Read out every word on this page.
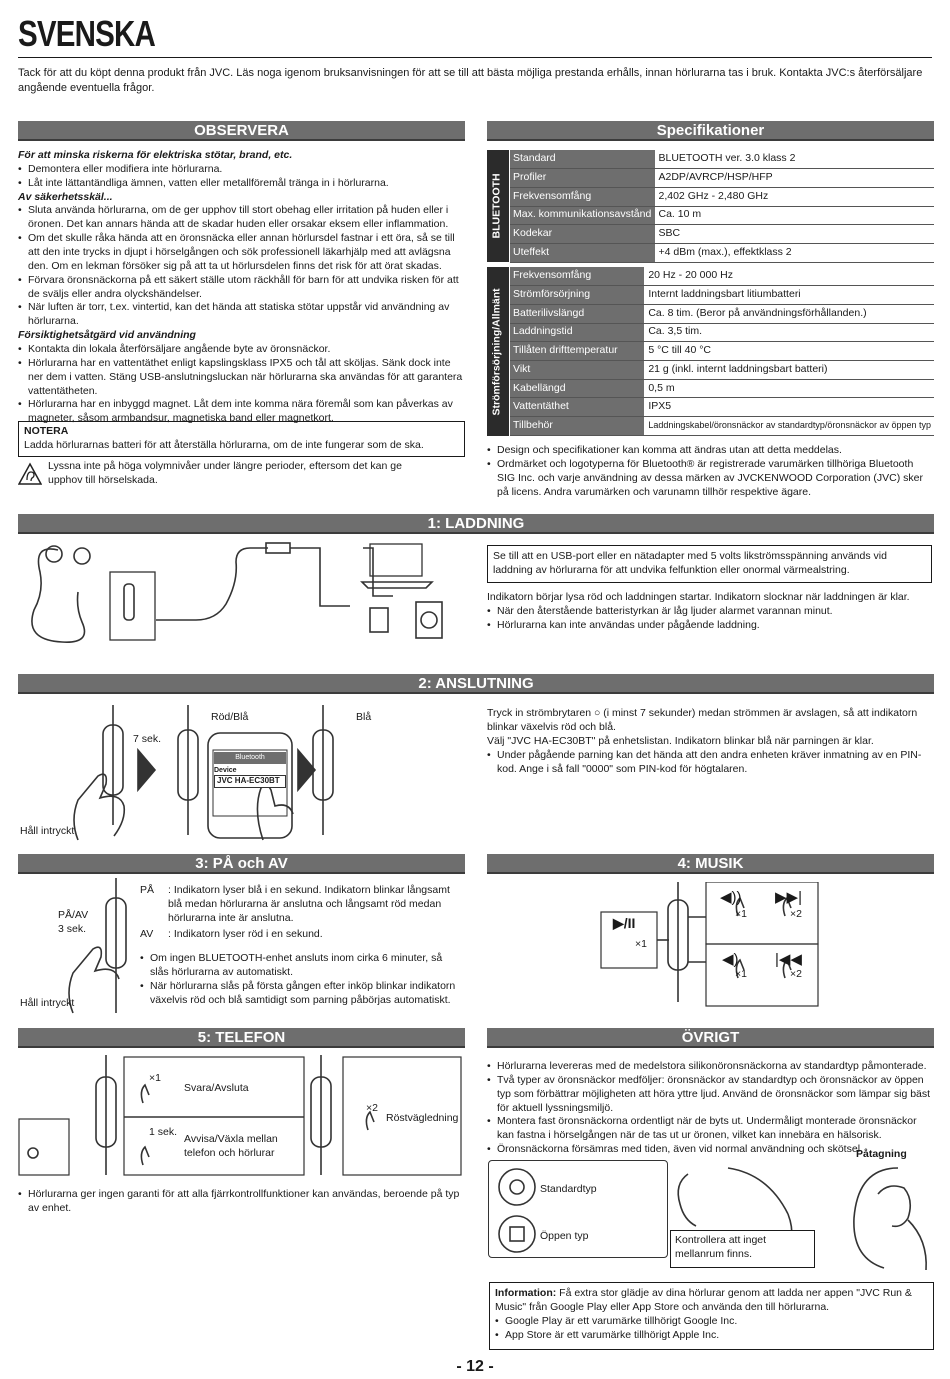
SVENSKA
Tack för att du köpt denna produkt från JVC. Läs noga igenom bruksanvisningen för att se till att bästa möjliga prestanda erhålls, innan hörlurarna tas i bruk. Kontakta JVC:s återförsäljare angående eventuella frågor.
OBSERVERA
För att minska riskerna för elektriska stötar, brand, etc.
• Demontera eller modifiera inte hörlurarna.
• Låt inte lättantändliga ämnen, vatten eller metallföremål tränga in i hörlurarna.
Av säkerhetsskäl...
• Sluta använda hörlurarna, om de ger upphov till stort obehag eller irritation på huden eller i öronen. Det kan annars hända att de skadar huden eller orsakar eksem eller inflammation.
• Om det skulle råka hända att en öronsnäcka eller annan hörlursdel fastnar i ett öra, så se till att den inte trycks in djupt i hörselgången och sök professionell läkarhjälp med att avlägsna den. Om en lekman försöker sig på att ta ut hörlursdelen finns det risk för att örat skadas.
• Förvara öronsnäckorna på ett säkert ställe utom räckhåll för barn för att undvika risken för att de sväljs eller andra olyckshändelser.
• När luften är torr, t.ex. vintertid, kan det hända att statiska stötar uppstår vid användning av hörlurarna.
Försiktighetsåtgärd vid användning
• Kontakta din lokala återförsäljare angående byte av öronsnäckor.
• Hörlurarna har en vattentäthet enligt kapslingsklass IPX5 och tål att sköljas. Sänk dock inte ner dem i vatten. Stäng USB-anslutningsluckan när hörlurarna ska användas för att garantera vattentätheten.
• Hörlurarna har en inbyggd magnet. Låt dem inte komma nära föremål som kan påverkas av magneter, såsom armbandsur, magnetiska band eller magnetkort.
NOTERA
Ladda hörlurarnas batteri för att återställa hörlurarna, om de inte fungerar som de ska.
Lyssna inte på höga volymnivåer under längre perioder, eftersom det kan ge upphov till hörselskada.
Specifikationer
BLUETOOTH
Standard	BLUETOOTH ver. 3.0 klass 2
Profiler	A2DP/AVRCP/HSP/HFP
Frekvensomfång	2,402 GHz - 2,480 GHz
Max. kommunikationsavstånd	Ca. 10 m
Kodekar	SBC
Uteffekt	+4 dBm (max.), effektklass 2
Strömförsörjning/Allmänt
Frekvensomfång	20 Hz - 20 000 Hz
Strömförsörjning	Internt laddningsbart litiumbatteri
Batterilivslängd	Ca. 8 tim. (Beror på användningsförhållanden.)
Laddningstid	Ca. 3,5 tim.
Tillåten drifttemperatur	5 °C till 40 °C
Vikt	21 g (inkl. internt laddningsbart batteri)
Kabellängd	0,5 m
Vattentäthet	IPX5
Tillbehör	Laddningskabel/öronsnäckor av standardtyp/öronsnäckor av öppen typ
• Design och specifikationer kan komma att ändras utan att detta meddelas.
• Ordmärket och logotyperna för Bluetooth® är registrerade varumärken tillhöriga Bluetooth SIG Inc. och varje användning av dessa märken av JVCKENWOOD Corporation (JVC) sker på licens. Andra varumärken och varunamn tillhör respektive ägare.
1: LADDNING
Se till att en USB-port eller en nätadapter med 5 volts likströmsspänning används vid laddning av hörlurarna för att undvika felfunktion eller onormal värmealstring.
Indikatorn börjar lysa röd och laddningen startar. Indikatorn slocknar när laddningen är klar.
• När den återstående batteristyrkan är låg ljuder alarmet varannan minut.
• Hörlurarna kan inte användas under pågående laddning.
2: ANSLUTNING
7 sek.
Röd/Blå	Blå
Håll intryckt
Bluetooth
Device
JVC HA-EC30BT
Tryck in strömbrytaren ○ (i minst 7 sekunder) medan strömmen är avslagen, så att indikatorn blinkar växelvis röd och blå.
Välj "JVC HA-EC30BT" på enhetslistan. Indikatorn blinkar blå när parningen är klar.
• Under pågående parning kan det hända att den andra enheten kräver inmatning av en PIN-kod. Ange i så fall "0000" som PIN-kod för högtalaren.
3: PÅ och AV
PÅ/AV
3 sek.
Håll intryckt
PÅ : Indikatorn lyser blå i en sekund. Indikatorn blinkar långsamt blå medan hörlurarna är anslutna och långsamt röd medan hörlurarna inte är anslutna.
AV : Indikatorn lyser röd i en sekund.
• Om ingen BLUETOOTH-enhet ansluts inom cirka 6 minuter, så slås hörlurarna av automatiskt.
• När hörlurarna slås på första gången efter inköp blinkar indikatorn växelvis röd och blå samtidigt som parning påbörjas automatiskt.
4: MUSIK
▶/II
×1
◀))
×1
▶▶|
×2
◀)
×1
|◀◀
×2
5: TELEFON
×1
Svara/Avsluta
1 sek.
Avvisa/Växla mellan telefon och hörlurar
×2
Röstvägledning
• Hörlurarna ger ingen garanti för att alla fjärrkontrollfunktioner kan användas, beroende på typ av enhet.
ÖVRIGT
• Hörlurarna levereras med de medelstora silikonöronsnäckorna av standardtyp påmonterade.
• Två typer av öronsnäckor medföljer: öronsnäckor av standardtyp och öronsnäckor av öppen typ som förbättrar möjligheten att höra yttre ljud. Använd de öronsnäckor som lämpar sig bäst för aktuell lyssningsmiljö.
• Montera fast öronsnäckorna ordentligt när de byts ut. Undermåligt monterade öronsnäckor kan fastna i hörselgången när de tas ut ur öronen, vilket kan innebära en hälsorisk.
• Öronsnäckorna försämras med tiden, även vid normal användning och skötsel.
Standardtyp
Öppen typ	Kontrollera att inget mellanrum finns.
Påtagning
Information: Få extra stor glädje av dina hörlurar genom att ladda ner appen "JVC Run & Music" från Google Play eller App Store och använda den till hörlurarna.
• Google Play är ett varumärke tillhörigt Google Inc.
• App Store är ett varumärke tillhörigt Apple Inc.
- 12 -
